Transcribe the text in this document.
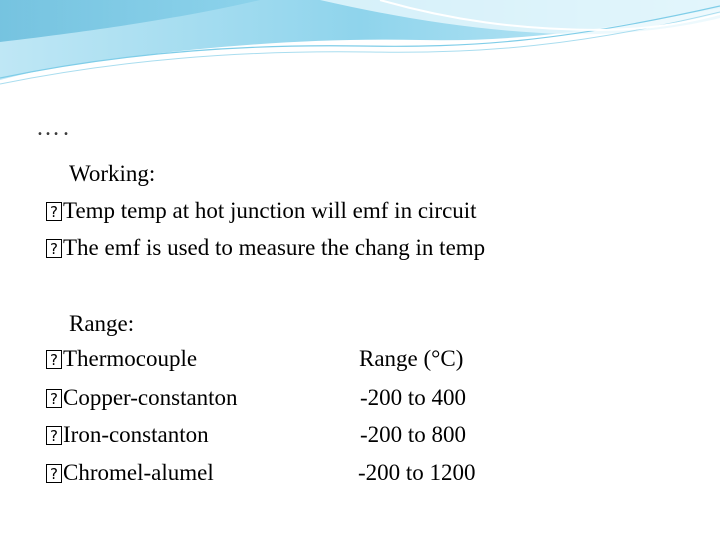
….
Working:
?Temp temp at hot junction will emf in circuit
?The emf is used to measure the chang in temp
Range:
?Thermocouple	Range (°C)
?Copper-constanton	-200 to 400
?Iron-constanton	-200 to 800
?Chromel-alumel	-200 to 1200
